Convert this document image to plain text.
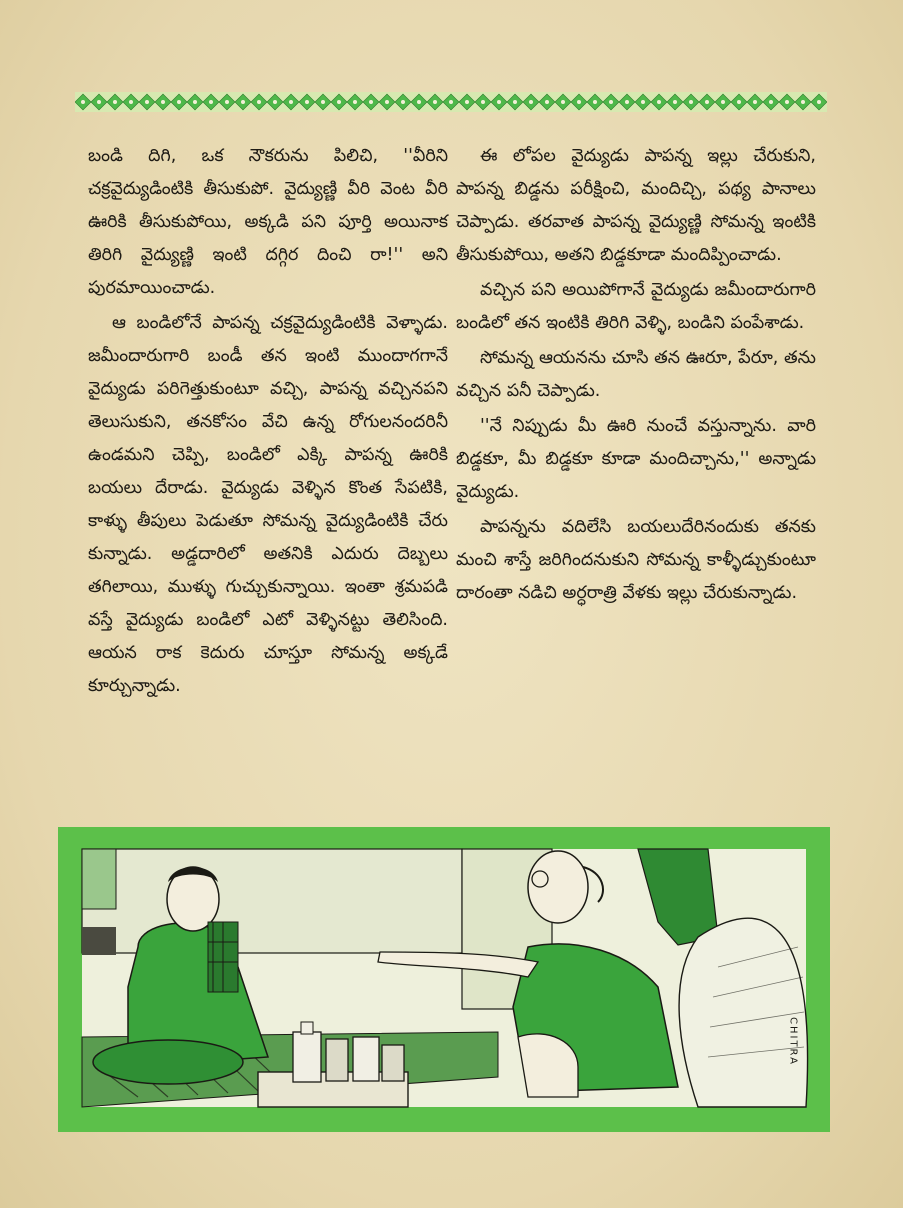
బండి దిగి, ఒక నౌకరును పిలిచి, ''వీరిని చక్రవైద్యుడింటికి తీసుకుపో. వైద్యుణ్ణి వీరి వెంట వీరి ఊరికి తీసుకుపోయి, అక్కడి పని పూర్తి అయినాక తిరిగి వైద్యుణ్ణి ఇంటి దగ్గిర దించి రా!'' అని పురమాయించాడు.

ఆ బండిలోనే పాపన్న చక్రవైద్యుడింటికి వెళ్ళాడు. జమీందారుగారి బండీ తన ఇంటి ముందాగగానే వైద్యుడు పరిగెత్తుకుంటూ వచ్చి, పాపన్న వచ్చినపని తెలుసుకుని, తనకోసం వేచి ఉన్న రోగులనందరినీ ఉండమని చెప్పి, బండిలో ఎక్కి పాపన్న ఊరికి బయలు దేరాడు. వైద్యుడు వెళ్ళిన కొంత సేపటికి, కాళ్ళు తీపులు పెడుతూ సోమన్న వైద్యుడింటికి చేరు కున్నాడు. అడ్డదారిలో అతనికి ఎదురు దెబ్బలు తగిలాయి, ముళ్ళు గుచ్చుకున్నాయి. ఇంతా శ్రమపడి వస్తే వైద్యుడు బండిలో ఎటో వెళ్ళినట్టు తెలిసింది. ఆయన రాక కెదురు చూస్తూ సోమన్న అక్కడే కూర్చున్నాడు.

ఈ లోపల వైద్యుడు పాపన్న ఇల్లు చేరుకుని, పాపన్న బిడ్డను పరీక్షించి, మందిచ్చి, పథ్య పానాలు చెప్పాడు. తరవాత పాపన్న వైద్యుణ్ణి సోమన్న ఇంటికి తీసుకుపోయి, అతని బిడ్డకూడా మందిప్పించాడు.

వచ్చిన పని అయిపోగానే వైద్యుడు జమీందారుగారి బండిలో తన ఇంటికి తిరిగి వెళ్ళి, బండిని పంపేశాడు.

సోమన్న ఆయనను చూసి తన ఊరూ, పేరూ, తను వచ్చిన పనీ చెప్పాడు.

''నే నిప్పుడు మీ ఊరి నుంచే వస్తున్నాను. వారి బిడ్డకూ, మీ బిడ్డకూ కూడా మందిచ్చాను,'' అన్నాడు వైద్యుడు.

పాపన్నను వదిలేసి బయలుదేరినందుకు తనకు మంచి శాస్తే జరిగిందనుకుని సోమన్న కాళ్ళీడ్చుకుంటూ దారంతా నడిచి అర్ధరాత్రి వేళకు ఇల్లు చేరుకున్నాడు.

CHITRA
